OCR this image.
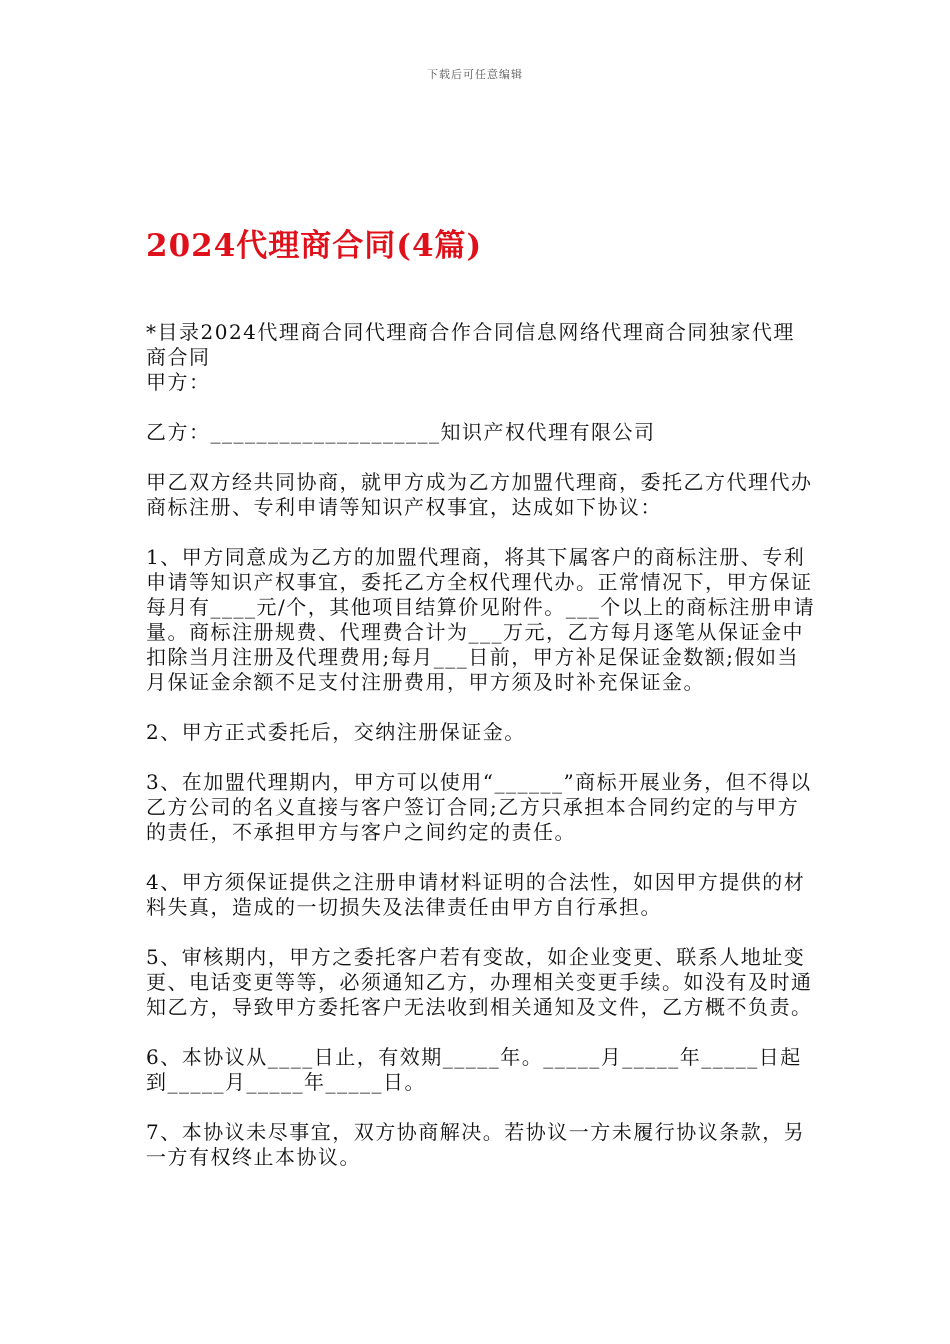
下载后可任意编辑
2024代理商合同(4篇)

*目录2024代理商合同代理商合作合同信息网络代理商合同独家代理商合同

甲方：

乙方：____________________知识产权代理有限公司

甲乙双方经共同协商，就甲方成为乙方加盟代理商，委托乙方代理代办商标注册、专利申请等知识产权事宜，达成如下协议：

1、甲方同意成为乙方的加盟代理商，将其下属客户的商标注册、专利申请等知识产权事宜，委托乙方全权代理代办。正常情况下，甲方保证每月有____元/个，其他项目结算价见附件。___个以上的商标注册申请量。商标注册规费、代理费合计为___万元，乙方每月逐笔从保证金中扣除当月注册及代理费用;每月___日前，甲方补足保证金数额;假如当月保证金余额不足支付注册费用，甲方须及时补充保证金。

2、甲方正式委托后，交纳注册保证金。

3、在加盟代理期内，甲方可以使用“______”商标开展业务，但不得以乙方公司的名义直接与客户签订合同;乙方只承担本合同约定的与甲方的责任，不承担甲方与客户之间约定的责任。

4、甲方须保证提供之注册申请材料证明的合法性，如因甲方提供的材料失真，造成的一切损失及法律责任由甲方自行承担。

5、审核期内，甲方之委托客户若有变故，如企业变更、联系人地址变更、电话变更等等，必须通知乙方，办理相关变更手续。如没有及时通知乙方，导致甲方委托客户无法收到相关通知及文件，乙方概不负责。

6、本协议从____日止，有效期_____年。_____月_____年_____日起到_____月_____年_____日。

7、本协议未尽事宜，双方协商解决。若协议一方未履行协议条款，另一方有权终止本协议。
